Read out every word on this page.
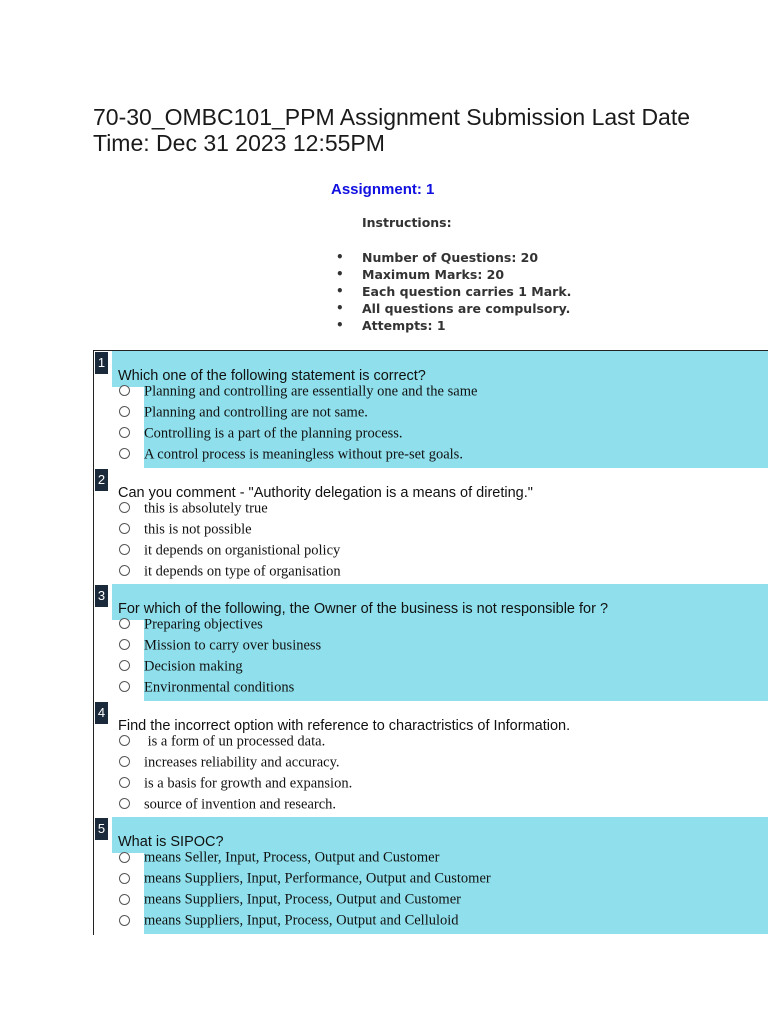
70-30_OMBC101_PPM Assignment Submission Last Date Time: Dec 31 2023 12:55PM
Assignment: 1
Instructions:
• Number of Questions: 20
• Maximum Marks: 20
• Each question carries 1 Mark.
• All questions are compulsory.
• Attempts: 1
1
Which one of the following statement is correct?
Planning and controlling are essentially one and the same
Planning and controlling are not same.
Controlling is a part of the planning process.
A control process is meaningless without pre-set goals.
2
Can you comment - "Authority delegation is a means of direting."
this is absolutely true
this is not possible
it depends on organistional policy
it depends on type of organisation
3
For which of the following, the Owner of the business is not responsible for ?
Preparing objectives
Mission to carry over business
Decision making
Environmental conditions
4
Find the incorrect option with reference to charactristics of Information.
is a form of un processed data.
increases reliability and accuracy.
is a basis for growth and expansion.
source of invention and research.
5
What is SIPOC?
means Seller, Input, Process, Output and Customer
means Suppliers, Input, Performance, Output and Customer
means Suppliers, Input, Process, Output and Customer
means Suppliers, Input, Process, Output and Celluloid
